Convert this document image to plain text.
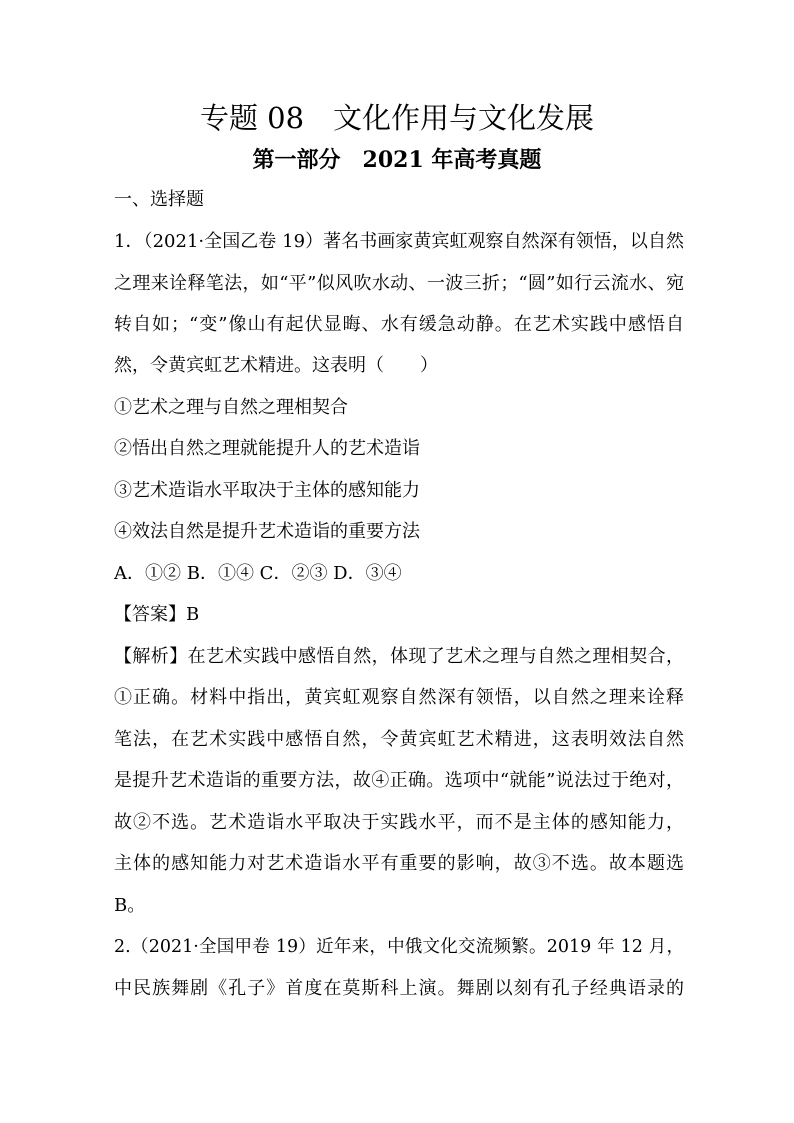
专题 08　文化作用与文化发展
第一部分　2021 年高考真题
一、选择题
1．（2021·全国乙卷 19）著名书画家黄宾虹观察自然深有领悟，以自然
之理来诠释笔法，如“平”似风吹水动、一波三折；“圆”如行云流水、宛
转自如；“变”像山有起伏显晦、水有缓急动静。在艺术实践中感悟自
然，令黄宾虹艺术精进。这表明（　　）
①艺术之理与自然之理相契合
②悟出自然之理就能提升人的艺术造诣
③艺术造诣水平取决于主体的感知能力
④效法自然是提升艺术造诣的重要方法
A．①② B．①④ C．②③ D．③④
【答案】B
【解析】在艺术实践中感悟自然，体现了艺术之理与自然之理相契合，
①正确。材料中指出，黄宾虹观察自然深有领悟，以自然之理来诠释
笔法，在艺术实践中感悟自然，令黄宾虹艺术精进，这表明效法自然
是提升艺术造诣的重要方法，故④正确。选项中“就能”说法过于绝对，
故②不选。艺术造诣水平取决于实践水平，而不是主体的感知能力，
主体的感知能力对艺术造诣水平有重要的影响，故③不选。故本题选
B。
2.（2021·全国甲卷 19）近年来，中俄文化交流频繁。2019 年 12 月，
中民族舞剧《孔子》首度在莫斯科上演。舞剧以刻有孔子经典语录的
